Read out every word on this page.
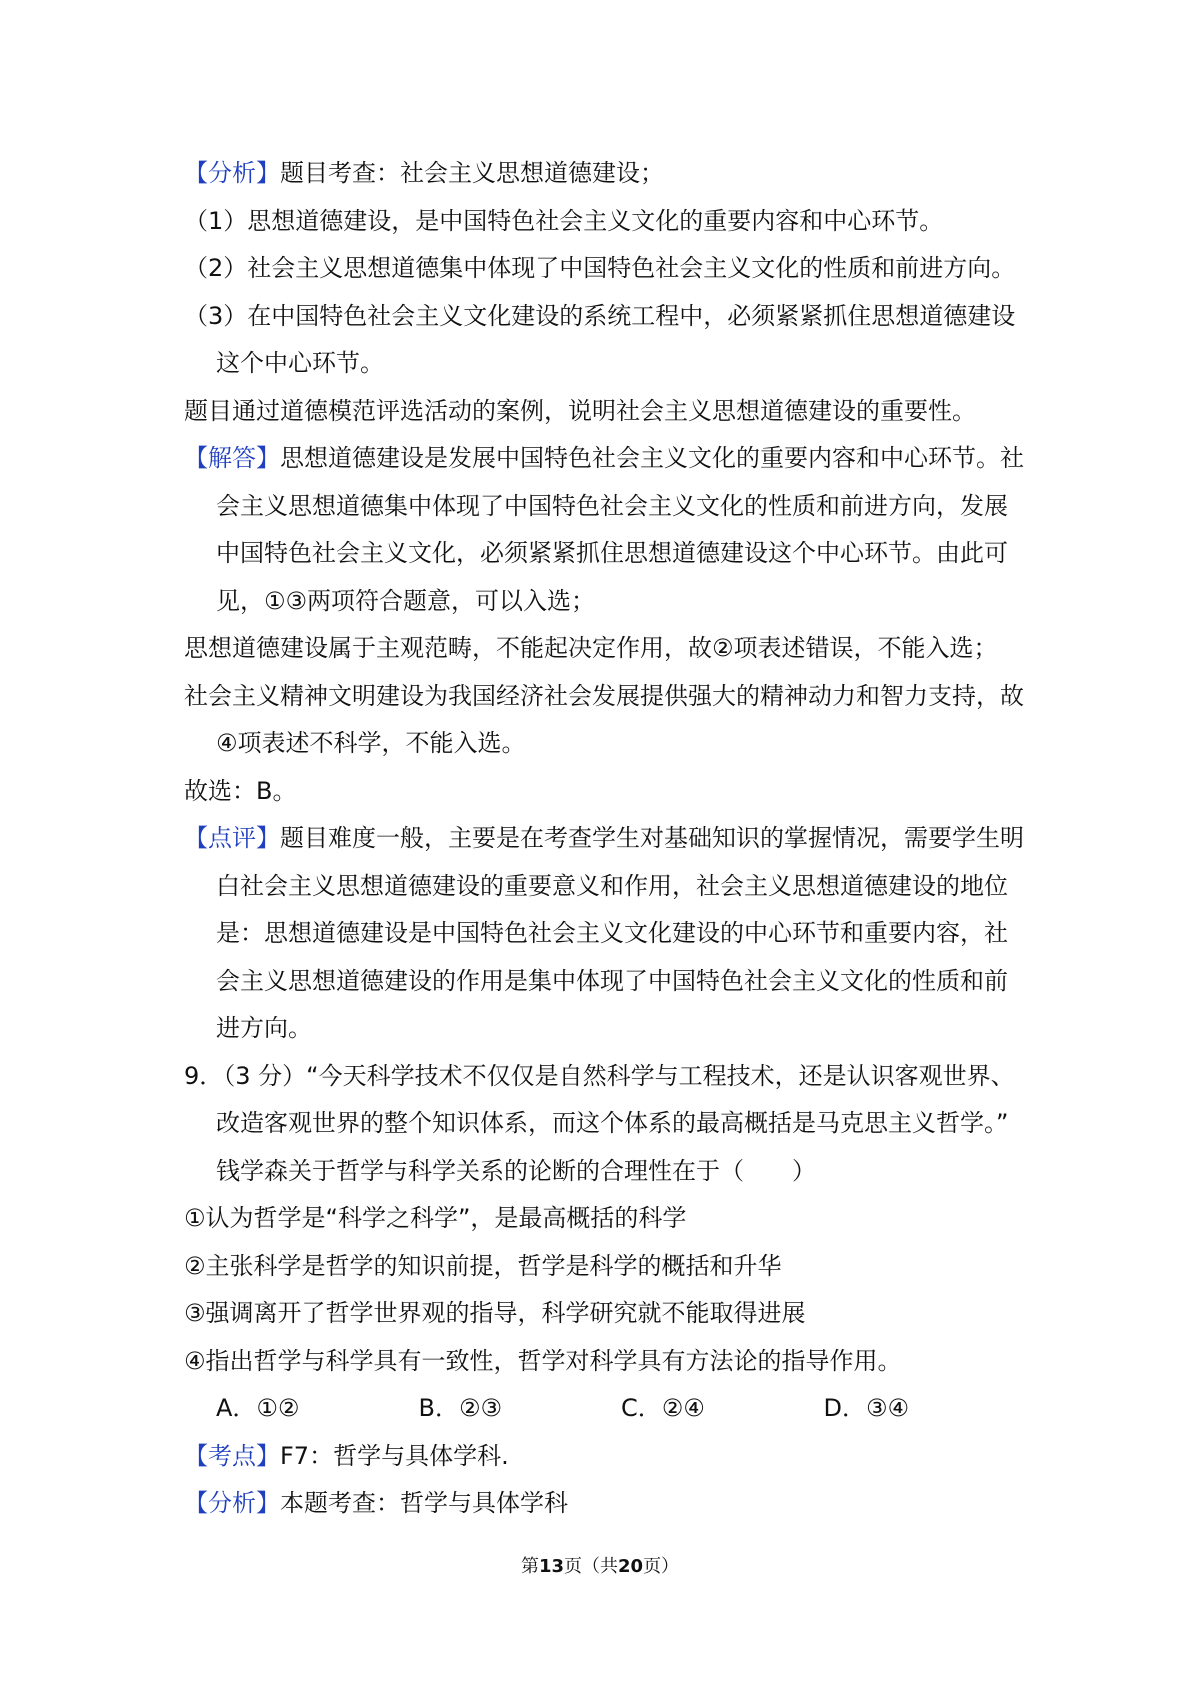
【分析】题目考查：社会主义思想道德建设；
（1）思想道德建设，是中国特色社会主义文化的重要内容和中心环节。
（2）社会主义思想道德集中体现了中国特色社会主义文化的性质和前进方向。
（3）在中国特色社会主义文化建设的系统工程中，必须紧紧抓住思想道德建设
这个中心环节。
题目通过道德模范评选活动的案例，说明社会主义思想道德建设的重要性。
【解答】思想道德建设是发展中国特色社会主义文化的重要内容和中心环节。社
会主义思想道德集中体现了中国特色社会主义文化的性质和前进方向，发展
中国特色社会主义文化，必须紧紧抓住思想道德建设这个中心环节。由此可
见，①③两项符合题意，可以入选；
思想道德建设属于主观范畴，不能起决定作用，故②项表述错误，不能入选；
社会主义精神文明建设为我国经济社会发展提供强大的精神动力和智力支持，故
④项表述不科学，不能入选。
故选：B。
【点评】题目难度一般，主要是在考查学生对基础知识的掌握情况，需要学生明
白社会主义思想道德建设的重要意义和作用，社会主义思想道德建设的地位
是：思想道德建设是中国特色社会主义文化建设的中心环节和重要内容，社
会主义思想道德建设的作用是集中体现了中国特色社会主义文化的性质和前
进方向。
9．（3 分）“今天科学技术不仅仅是自然科学与工程技术，还是认识客观世界、
改造客观世界的整个知识体系，而这个体系的最高概括是马克思主义哲学。”
钱学森关于哲学与科学关系的论断的合理性在于（　　）
①认为哲学是“科学之科学”，是最高概括的科学
②主张科学是哲学的知识前提，哲学是科学的概括和升华
③强调离开了哲学世界观的指导，科学研究就不能取得进展
④指出哲学与科学具有一致性，哲学对科学具有方法论的指导作用。
A．①②	B．②③	C．②④	D．③④
【考点】F7：哲学与具体学科.
【分析】本题考查：哲学与具体学科
第13页（共20页）
